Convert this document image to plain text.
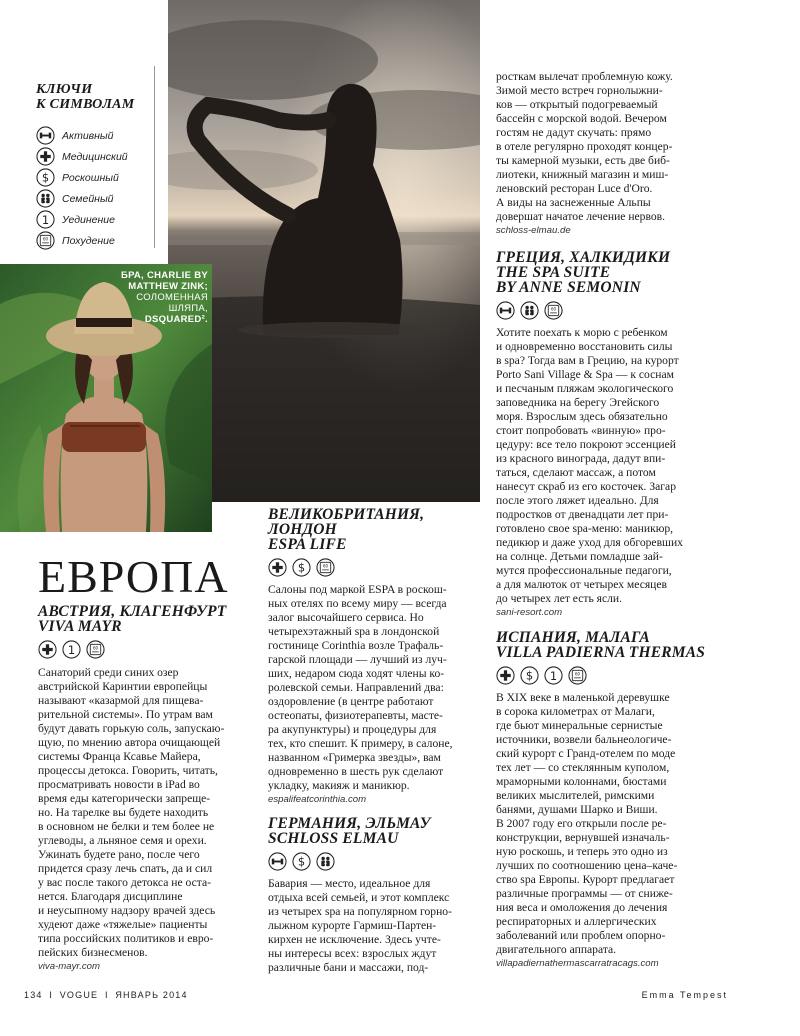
КЛЮЧИ
К СИМВОЛАМ
Активный
Медицинский
Роскошный
Семейный
Уединение
Похудение
БРА, CHARLIE BY
MATTHEW ZINK;
СОЛОМЕННАЯ
ШЛЯПА,
DSQUARED².
ЕВРОПА
АВСТРИЯ, КЛАГЕНФУРТ
VIVA MAYR

Санаторий среди синих озер

австрийской Каринтии европейцы

называют «казармой для пищева-

рительной системы». По утрам вам

будут давать горькую соль, запускаю-

щую, по мнению автора очищающей

системы Франца Ксавье Майера,

процессы детокса. Говорить, читать,

просматривать новости в iPad во

время еды категорически запреще-

но. На тарелке вы будете находить

в основном не белки и тем более не

углеводы, а льняное семя и орехи.

Ужинать будете рано, после чего

придется сразу лечь спать, да и сил

у вас после такого детокса не оста-

нется. Благодаря дисциплине

и неусыпному надзору врачей здесь

худеют даже «тяжелые» пациенты

типа российских политиков и евро-

пейских бизнесменов.

viva-mayr.com
ВЕЛИКОБРИТАНИЯ,
ЛОНДОН
ESPA LIFE

Салоны под маркой ESPA в роскош-

ных отелях по всему миру — всегда

залог высочайшего сервиса. Но

четырехэтажный spa в лондонской

гостинице Corinthia возле Трафаль-

гарской площади — лучший из луч-

ших, недаром сюда ходят члены ко-

ролевской семьи. Направлений два:

оздоровление (в центре работают

остеопаты, физиотерапевты, масте-

ра акупунктуры) и процедуры для

тех, кто спешит. К примеру, в салоне,

названном «Гримерка звезды», вам

одновременно в шесть рук сделают

укладку, макияж и маникюр.

espalifeatcorinthia.com
ГЕРМАНИЯ, ЭЛЬМАУ
SCHLOSS ELMAU

Бавария — место, идеальное для

отдыха всей семьей, и этот комплекс

из четырех spa на популярном горно-

лыжном курорте Гармиш-Партен-

кирхен не исключение. Здесь учте-

ны интересы всех: взрослых ждут

различные бани и массажи, под-

росткам вылечат проблемную кожу.

Зимой место встреч горнолыжни-

ков — открытый подогреваемый

бассейн с морской водой. Вечером

гостям не дадут скучать: прямо

в отеле регулярно проходят концер-

ты камерной музыки, есть две биб-

лиотеки, книжный магазин и миш-

леновский ресторан Luce d'Oro.

А виды на заснеженные Альпы

довершат начатое лечение нервов.

schloss-elmau.de
ГРЕЦИЯ, ХАЛКИДИКИ
THE SPA SUITE
BY ANNE SEMONIN

Хотите поехать к морю с ребенком

и одновременно восстановить силы

в spa? Тогда вам в Грецию, на курорт

Porto Sani Village & Spa — к соснам

и песчаным пляжам экологического

заповедника на берегу Эгейского

моря. Взрослым здесь обязательно

стоит попробовать «винную» про-

цедуру: все тело покроют эссенцией

из красного винограда, дадут впи-

таться, сделают массаж, а потом

нанесут скраб из его косточек. Загар

после этого ляжет идеально. Для

подростков от двенадцати лет при-

готовлено свое spa-меню: маникюр,

педикюр и даже уход для обгоревших

на солнце. Детьми помладше зай-

мутся профессиональные педагоги,

а для малюток от четырех месяцев

до четырех лет есть ясли.

sani-resort.com
ИСПАНИЯ, МАЛАГА
VILLA PADIERNA THERMAS

В XIX веке в маленькой деревушке

в сорока километрах от Малаги,

где бьют минеральные сернистые

источники, возвели бальнеологиче-

ский курорт с Гранд-отелем по моде

тех лет — со стеклянным куполом,

мраморными колоннами, бюстами

великих мыслителей, римскими

банями, душами Шарко и Виши.

В 2007 году его открыли после ре-

конструкции, вернувшей изначаль-

ную роскошь, и теперь это одно из

лучших по соотношению цена–каче-

ство spa Европы. Курорт предлагает

различные программы — от сниже-

ния веса и омоложения до лечения

респираторных и аллергических

заболеваний или проблем опорно-

двигательного аппарата.

villapadiernathermascarratracags.com
134 I VOGUE I ЯНВАРЬ 2014	Emma Tempest
